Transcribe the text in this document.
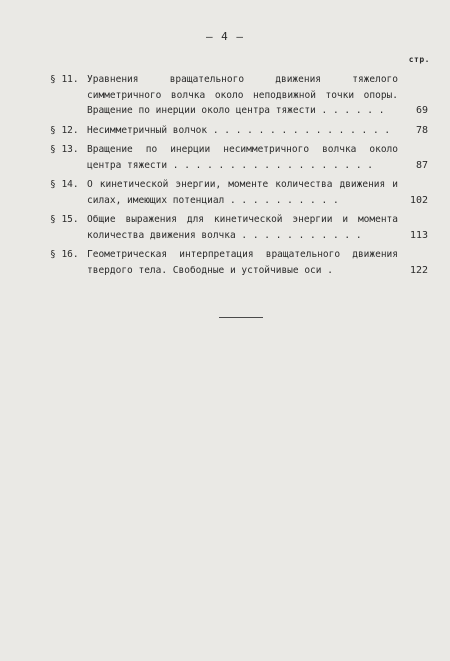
— 4 —
стр.
§ 11. Уравнения вращательного движения тяжелого симметричного волчка около неподвижной точки опоры. Вращение по инерции около центра тяжести . . . . . .	69
§ 12. Несимметричный волчок . . . . . . . . . . . . . . . .	78
§ 13. Вращение по инерции несимметричного волчка около центра тяжести . . . . . . . . . . . . . . . . . .	87
§ 14. О кинетической энергии, моменте количества движения и силах, имеющих потенциал . . . . . . . . . .	102
§ 15. Общие выражения для кинетической энергии и момента количества движения волчка . . . . . . . . . . .	113
§ 16. Геометрическая интерпретация вращательного движения твердого тела. Свободные и устойчивые оси .	122
